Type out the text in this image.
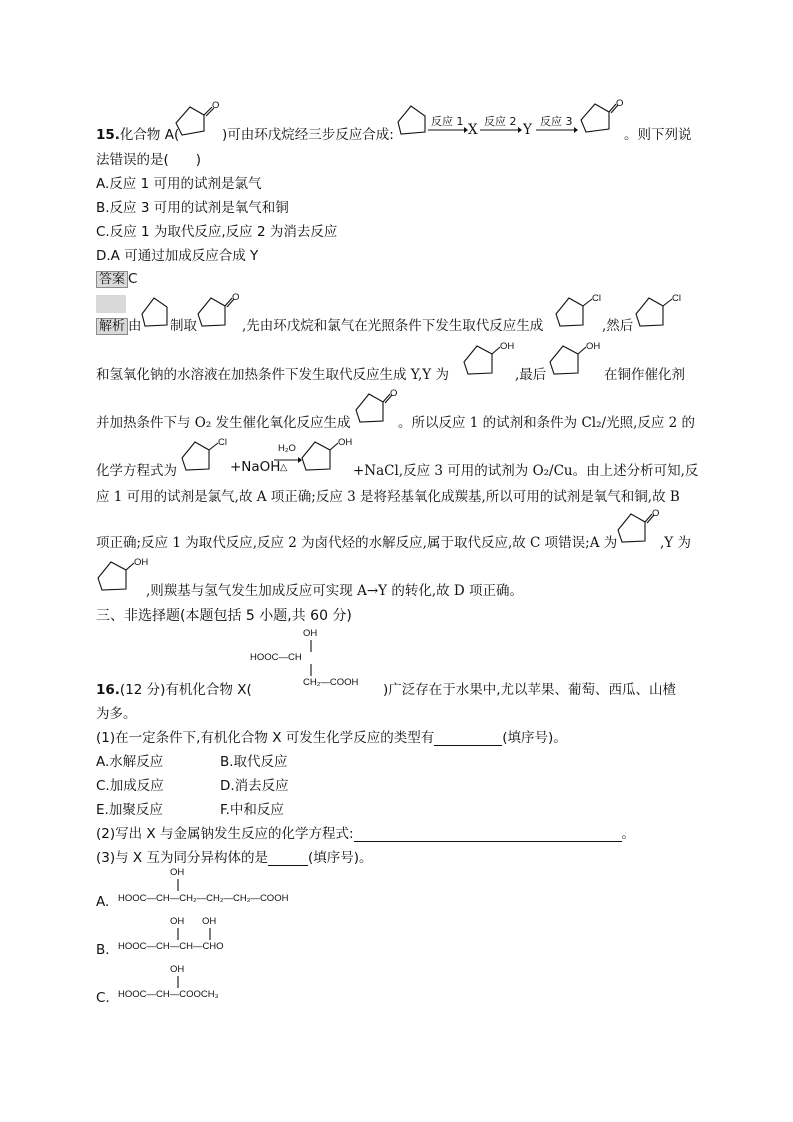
15.化合物 A(
O
)可由环戊烷经三步反应合成:
反应 1
X
反应 2
Y
反应 3
O
。则下列说
法错误的是(　　)
A.反应 1 可用的试剂是氯气
B.反应 3 可用的试剂是氧气和铜
C.反应 1 为取代反应,反应 2 为消去反应
D.A 可通过加成反应合成 Y
答案 C
解析 由 制取
O
,先由环戊烷和氯气在光照条件下发生取代反应生成
Cl
,然后
Cl
和氢氧化钠的水溶液在加热条件下发生取代反应生成 Y,Y 为
OH
,最后
OH
在铜作催化剂
并加热条件下与 O₂ 发生催化氧化反应生成
O
。所以反应 1 的试剂和条件为 Cl₂/光照,反应 2 的
化学方程式为
Cl
+NaOH
H₂O
△
OH
+NaCl,反应 3 可用的试剂为 O₂/Cu。由上述分析可知,反
应 1 可用的试剂是氯气,故 A 项正确;反应 3 是将羟基氧化成羰基,所以可用的试剂是氧气和铜,故 B
项正确;反应 1 为取代反应,反应 2 为卤代烃的水解反应,属于取代反应,故 C 项错误;A 为
O
,Y 为
OH
,则羰基与氢气发生加成反应可实现 A→Y 的转化,故 D 项正确。
三、非选择题(本题包括 5 小题,共 60 分)
OH
HOOC—CH
CH₂—COOH
16.(12 分)有机化合物 X(	)广泛存在于水果中,尤以苹果、葡萄、西瓜、山楂
为多。
(1)在一定条件下,有机化合物 X 可发生化学反应的类型有	(填序号)。
A.水解反应	B.取代反应
C.加成反应	D.消去反应
E.加聚反应	F.中和反应
(2)写出 X 与金属钠发生反应的化学方程式:	。
(3)与 X 互为同分异构体的是	(填序号)。
OH
A. HOOC—CH—CH₂—CH₂—CH₂—COOH
OH OH
B. HOOC—CH—CH—CHO
OH
C. HOOC—CH—COOCH₃
